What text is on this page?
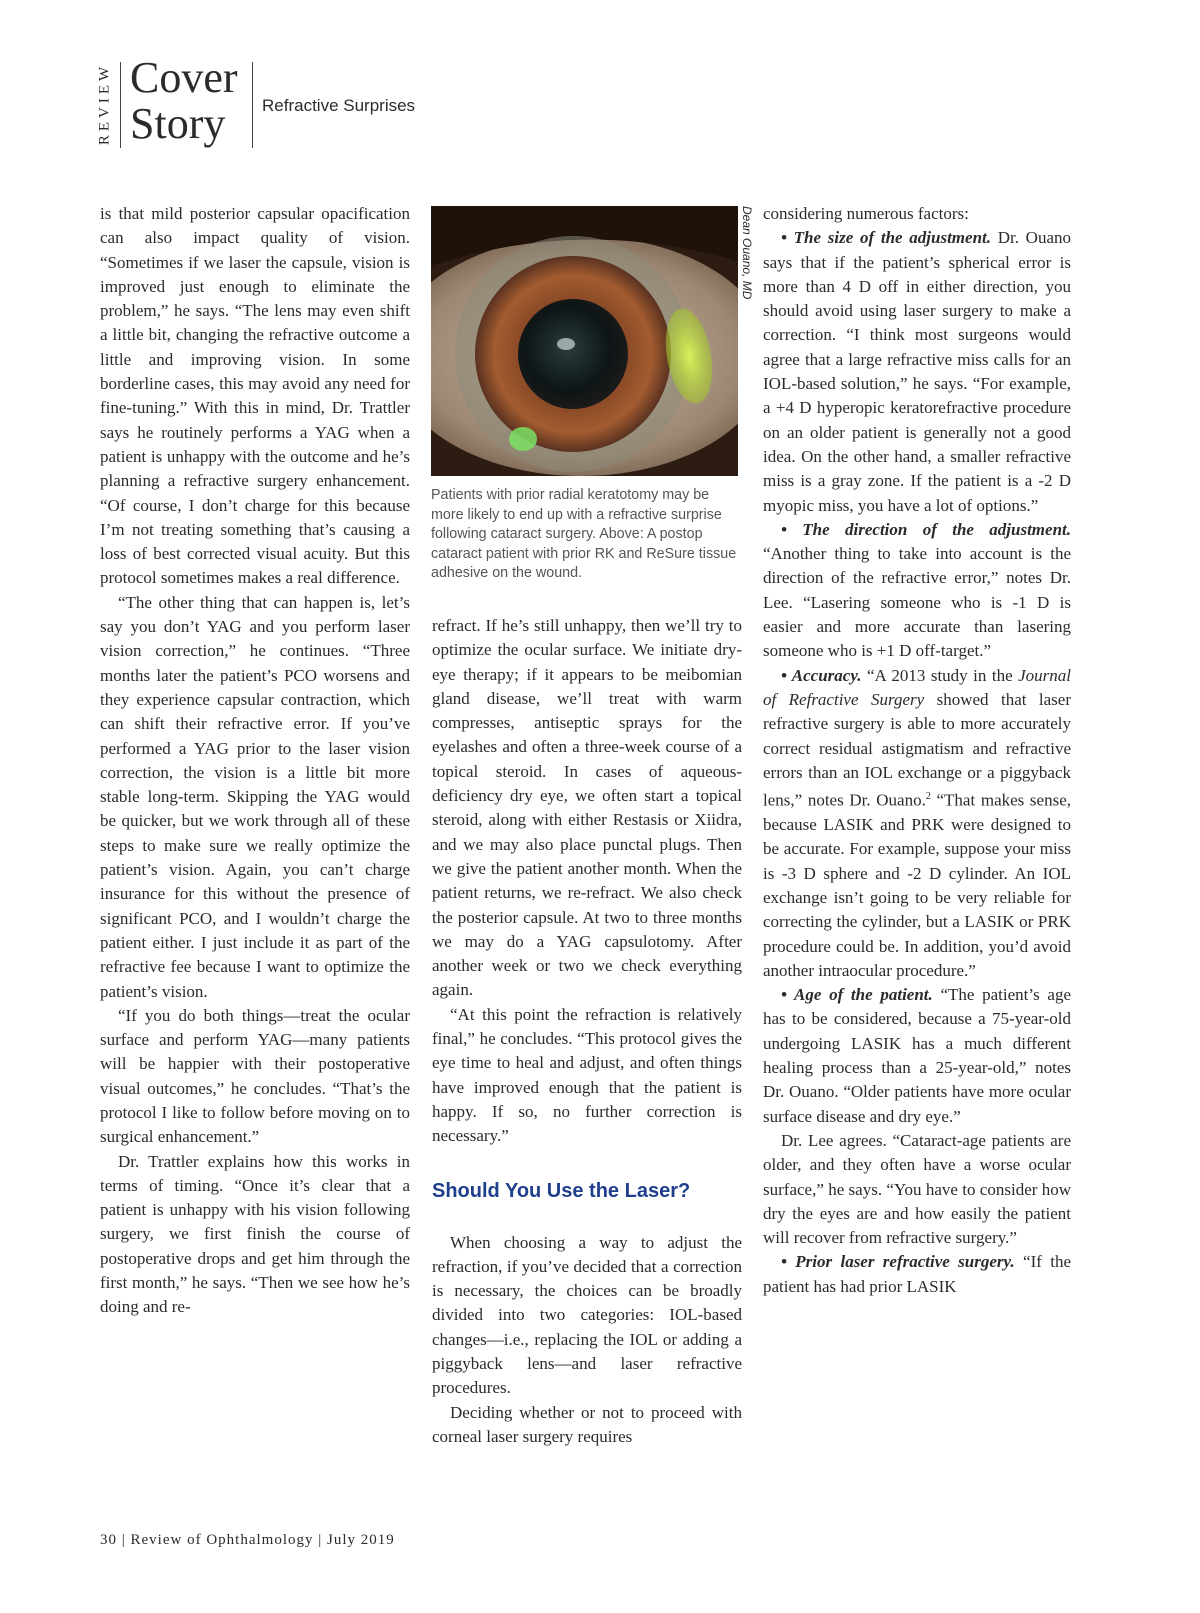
REVIEW Cover
Story	Refractive Surprises

is that mild posterior capsular opacification can also impact quality of vision. “Sometimes if we laser the capsule, vision is improved just enough to eliminate the problem,” he says. “The lens may even shift a little bit, changing the refractive outcome a little and improving vision. In some borderline cases, this may avoid any need for fine-tuning.” With this in mind, Dr. Trattler says he routinely performs a YAG when a patient is unhappy with the outcome and he’s planning a refractive surgery enhancement. “Of course, I don’t charge for this because I’m not treating something that’s causing a loss of best corrected visual acuity. But this protocol sometimes makes a real difference.

“The other thing that can happen is, let’s say you don’t YAG and you perform laser vision correction,” he continues. “Three months later the patient’s PCO worsens and they experience capsular contraction, which can shift their refractive error. If you’ve performed a YAG prior to the laser vision correction, the vision is a little bit more stable long-term. Skipping the YAG would be quicker, but we work through all of these steps to make sure we really optimize the patient’s vision. Again, you can’t charge insurance for this without the presence of significant PCO, and I wouldn’t charge the patient either. I just include it as part of the refractive fee because I want to optimize the patient’s vision.

“If you do both things—treat the ocular surface and perform YAG—many patients will be happier with their postoperative visual outcomes,” he concludes. “That’s the protocol I like to follow before moving on to surgical enhancement.”

Dr. Trattler explains how this works in terms of timing. “Once it’s clear that a patient is unhappy with his vision following surgery, we first finish the course of postoperative drops and get him through the first month,” he says. “Then we see how he’s doing and re-

Dean Ouano, MD
Patients with prior radial keratotomy may be more likely to end up with a refractive surprise following cataract surgery. Above: A postop cataract patient with prior RK and ReSure tissue adhesive on the wound.

refract. If he’s still unhappy, then we’ll try to optimize the ocular surface. We initiate dry-eye therapy; if it appears to be meibomian gland disease, we’ll treat with warm compresses, antiseptic sprays for the eyelashes and often a three-week course of a topical steroid. In cases of aqueous-deficiency dry eye, we often start a topical steroid, along with either Restasis or Xiidra, and we may also place punctal plugs. Then we give the patient another month. When the patient returns, we re-refract. We also check the posterior capsule. At two to three months we may do a YAG capsulotomy. After another week or two we check everything again.

“At this point the refraction is relatively final,” he concludes. “This protocol gives the eye time to heal and adjust, and often things have improved enough that the patient is happy. If so, no further correction is necessary.”

Should You Use the Laser?

When choosing a way to adjust the refraction, if you’ve decided that a correction is necessary, the choices can be broadly divided into two categories: IOL-based changes—i.e., replacing the IOL or adding a piggyback lens—and laser refractive procedures.

Deciding whether or not to proceed with corneal laser surgery requires

considering numerous factors:

• The size of the adjustment. Dr. Ouano says that if the patient’s spherical error is more than 4 D off in either direction, you should avoid using laser surgery to make a correction. “I think most surgeons would agree that a large refractive miss calls for an IOL-based solution,” he says. “For example, a +4 D hyperopic keratorefractive procedure on an older patient is generally not a good idea. On the other hand, a smaller refractive miss is a gray zone. If the patient is a -2 D myopic miss, you have a lot of options.”

• The direction of the adjustment. “Another thing to take into account is the direction of the refractive error,” notes Dr. Lee. “Lasering someone who is -1 D is easier and more accurate than lasering someone who is +1 D off-target.”

• Accuracy. “A 2013 study in the Journal of Refractive Surgery showed that laser refractive surgery is able to more accurately correct residual astigmatism and refractive errors than an IOL exchange or a piggyback lens,” notes Dr. Ouano.$^2$ “That makes sense, because LASIK and PRK were designed to be accurate. For example, suppose your miss is -3 D sphere and -2 D cylinder. An IOL exchange isn’t going to be very reliable for correcting the cylinder, but a LASIK or PRK procedure could be. In addition, you’d avoid another intraocular procedure.”

• Age of the patient. “The patient’s age has to be considered, because a 75-year-old undergoing LASIK has a much different healing process than a 25-year-old,” notes Dr. Ouano. “Older patients have more ocular surface disease and dry eye.”

Dr. Lee agrees. “Cataract-age patients are older, and they often have a worse ocular surface,” he says. “You have to consider how dry the eyes are and how easily the patient will recover from refractive surgery.”

• Prior laser refractive surgery. “If the patient has had prior LASIK

30 | Review of Ophthalmology | July 2019
